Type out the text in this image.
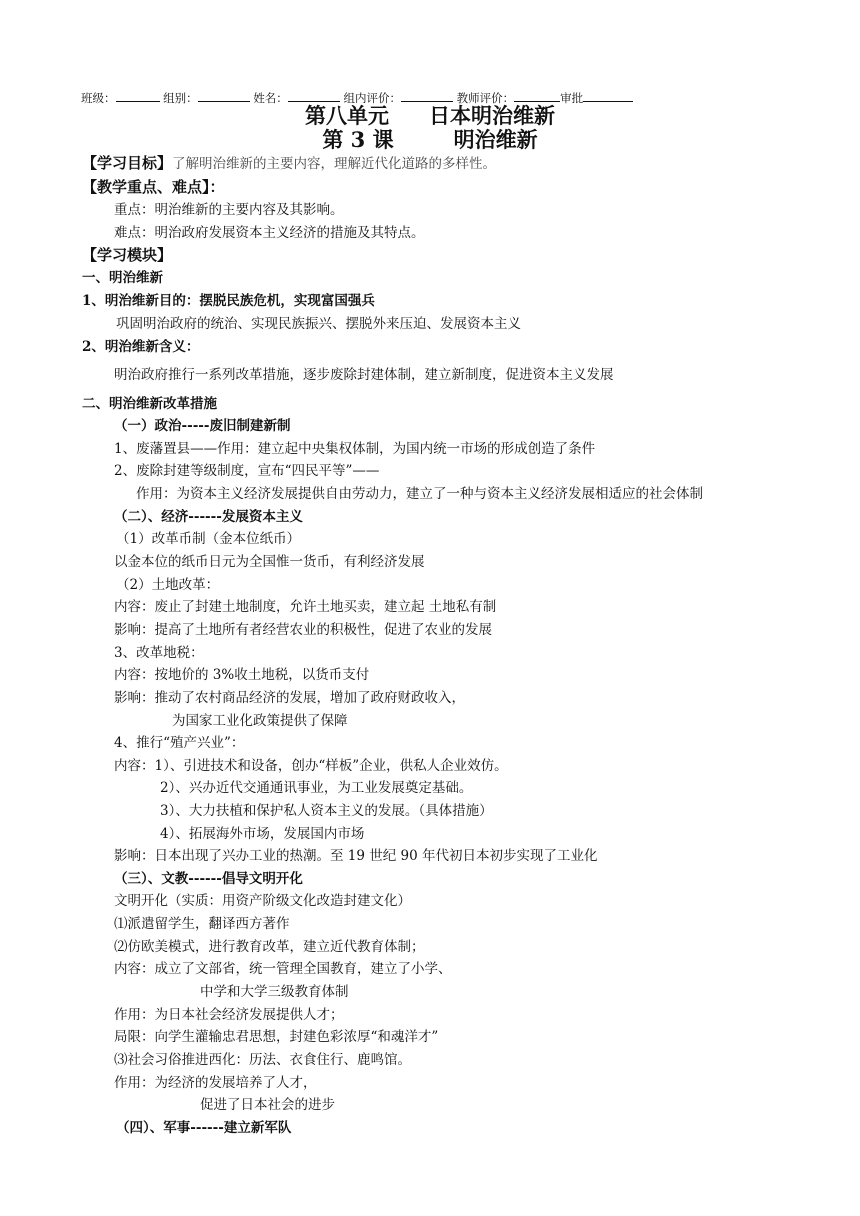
班级：	组别：	姓名：	组内评价：	教师评价：	审批
第八单元 日本明治维新
第 3 课	明治维新
【学习目标】了解明治维新的主要内容，理解近代化道路的多样性。
【教学重点、难点】：
重点：明治维新的主要内容及其影响。
难点：明治政府发展资本主义经济的措施及其特点。
【学习模块】
一、明治维新
1、明治维新目的：摆脱民族危机，实现富国强兵
巩固明治政府的统治、实现民族振兴、摆脱外来压迫、发展资本主义
2、明治维新含义：
明治政府推行一系列改革措施，逐步废除封建体制，建立新制度，促进资本主义发展
二、明治维新改革措施
（一）政治-----废旧制建新制
1、废藩置县——作用：建立起中央集权体制，为国内统一市场的形成创造了条件
2、废除封建等级制度，宣布“四民平等”——
作用：为资本主义经济发展提供自由劳动力，建立了一种与资本主义经济发展相适应的社会体制
（二）、经济------发展资本主义
（1）改革币制（金本位纸币）
以金本位的纸币日元为全国惟一货币，有利经济发展
（2）土地改革：
内容：废止了封建土地制度，允许土地买卖，建立起 土地私有制
影响：提高了土地所有者经营农业的积极性，促进了农业的发展
3、改革地税：
内容：按地价的 3%收土地税，以货币支付
影响：推动了农村商品经济的发展，增加了政府财政收入，
为国家工业化政策提供了保障
4、推行“殖产兴业”：
内容：1）、引进技术和设备，创办“样板”企业，供私人企业效仿。
2）、兴办近代交通通讯事业，为工业发展奠定基础。
3）、大力扶植和保护私人资本主义的发展。（具体措施）
4）、拓展海外市场，发展国内市场
影响：日本出现了兴办工业的热潮。至 19 世纪 90 年代初日本初步实现了工业化
（三）、文教------倡导文明开化
文明开化（实质：用资产阶级文化改造封建文化）
⑴派遣留学生，翻译西方著作
⑵仿欧美模式，进行教育改革，建立近代教育体制；
内容：成立了文部省，统一管理全国教育，建立了小学、
中学和大学三级教育体制
作用：为日本社会经济发展提供人才；
局限：向学生灌输忠君思想，封建色彩浓厚“和魂洋才”
⑶社会习俗推进西化：历法、衣食住行、鹿鸣馆。
作用：为经济的发展培养了人才，
促进了日本社会的进步
（四）、军事------建立新军队
